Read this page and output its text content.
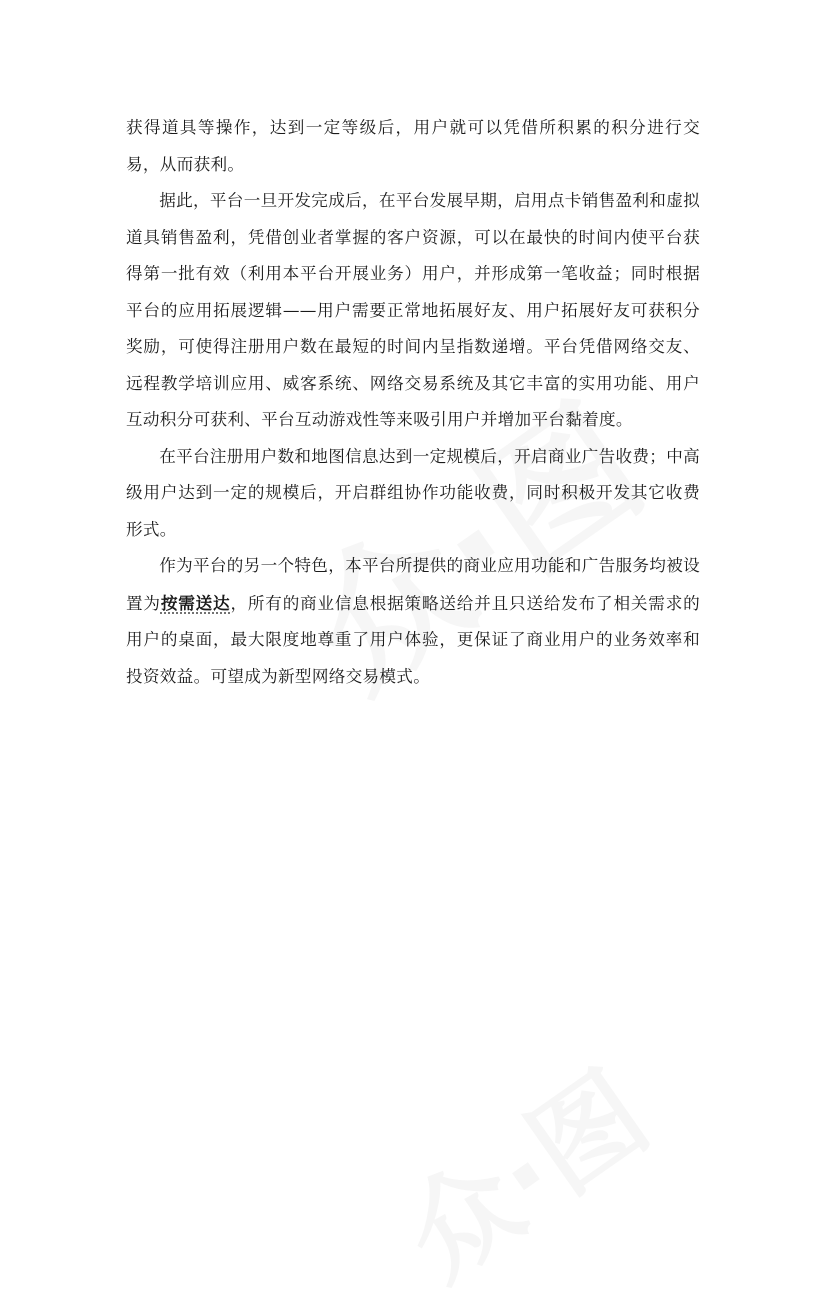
获得道具等操作，达到一定等级后，用户就可以凭借所积累的积分进行交易，从而获利。

据此，平台一旦开发完成后，在平台发展早期，启用点卡销售盈利和虚拟道具销售盈利，凭借创业者掌握的客户资源，可以在最快的时间内使平台获得第一批有效（利用本平台开展业务）用户，并形成第一笔收益；同时根据平台的应用拓展逻辑——用户需要正常地拓展好友、用户拓展好友可获积分奖励，可使得注册用户数在最短的时间内呈指数递增。平台凭借网络交友、远程教学培训应用、威客系统、网络交易系统及其它丰富的实用功能、用户互动积分可获利、平台互动游戏性等来吸引用户并增加平台黏着度。

在平台注册用户数和地图信息达到一定规模后，开启商业广告收费；中高级用户达到一定的规模后，开启群组协作功能收费，同时积极开发其它收费形式。

作为平台的另一个特色，本平台所提供的商业应用功能和广告服务均被设置为按需送达，所有的商业信息根据策略送给并且只送给发布了相关需求的用户的桌面，最大限度地尊重了用户体验，更保证了商业用户的业务效率和投资效益。可望成为新型网络交易模式。
